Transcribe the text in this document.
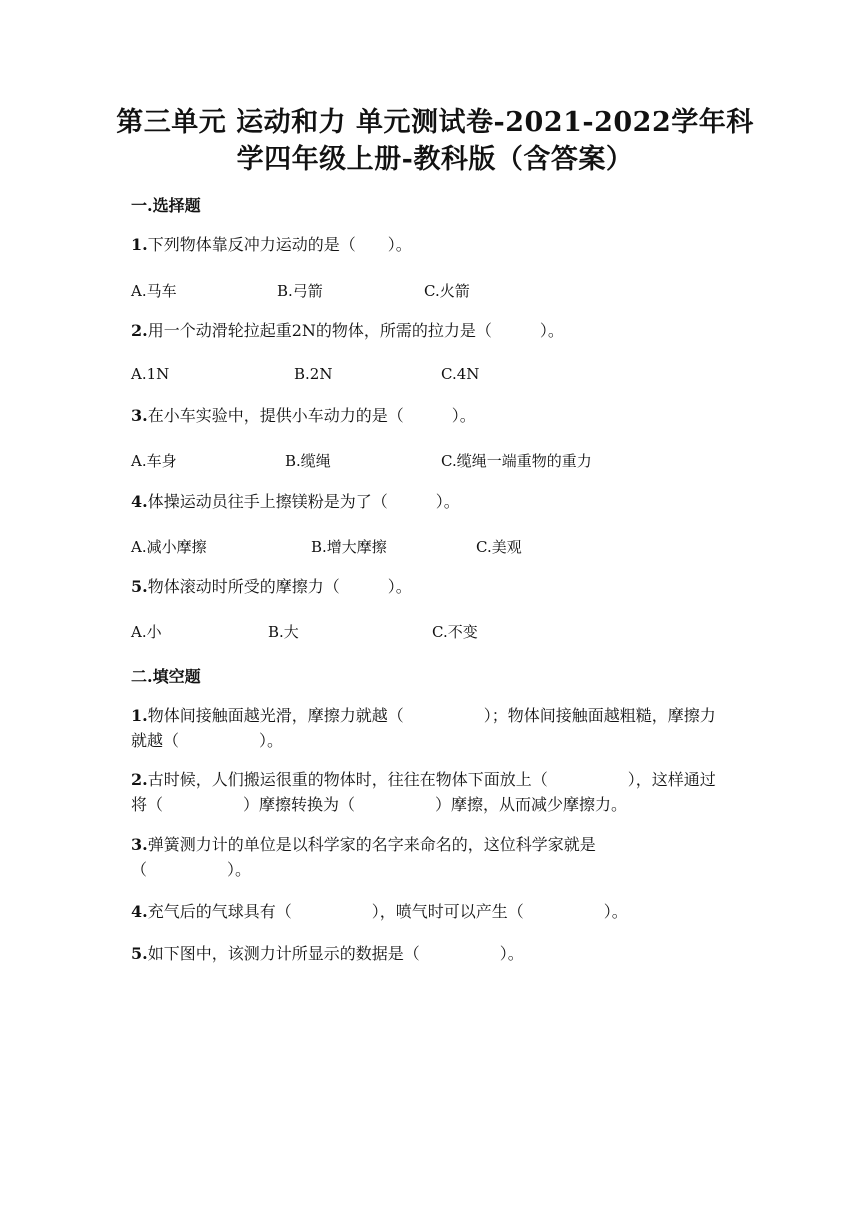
第三单元 运动和力 单元测试卷-2021-2022学年科
学四年级上册-教科版（含答案）
一.选择题
1.下列物体靠反冲力运动的是（　　）。
A.马车	B.弓箭	C.火箭
2.用一个动滑轮拉起重2N的物体，所需的拉力是（　　　）。
A.1N	B.2N	C.4N
3.在小车实验中，提供小车动力的是（　　　）。
A.车身	B.缆绳	C.缆绳一端重物的重力
4.体操运动员往手上擦镁粉是为了（　　　）。
A.减小摩擦	B.增大摩擦	C.美观
5.物体滚动时所受的摩擦力（　　　）。
A.小	B.大	C.不变
二.填空题
1.物体间接触面越光滑，摩擦力就越（　　　　　）；物体间接触面越粗糙，摩擦力就越（　　　　　）。
2.古时候，人们搬运很重的物体时，往往在物体下面放上（　　　　　），这样通过将（　　　　　）摩擦转换为（　　　　　）摩擦，从而减少摩擦力。
3.弹簧测力计的单位是以科学家的名字来命名的，这位科学家就是（　　　　　）。
4.充气后的气球具有（　　　　　），喷气时可以产生（　　　　　）。
5.如下图中，该测力计所显示的数据是（　　　　　）。
